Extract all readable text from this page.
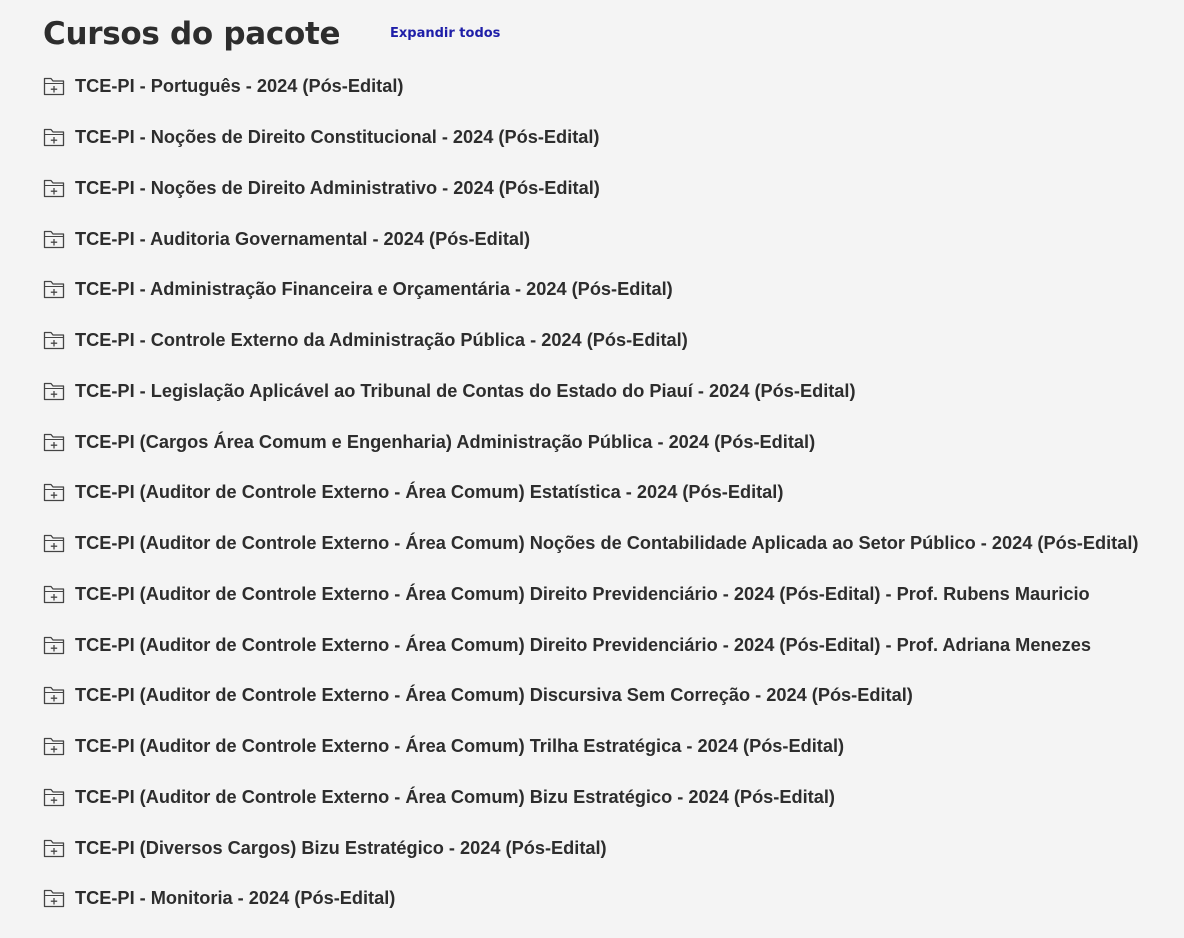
Cursos do pacote	Expandir todos
TCE-PI - Português - 2024 (Pós-Edital)
TCE-PI - Noções de Direito Constitucional - 2024 (Pós-Edital)
TCE-PI - Noções de Direito Administrativo - 2024 (Pós-Edital)
TCE-PI - Auditoria Governamental - 2024 (Pós-Edital)
TCE-PI - Administração Financeira e Orçamentária - 2024 (Pós-Edital)
TCE-PI - Controle Externo da Administração Pública - 2024 (Pós-Edital)
TCE-PI - Legislação Aplicável ao Tribunal de Contas do Estado do Piauí - 2024 (Pós-Edital)
TCE-PI (Cargos Área Comum e Engenharia) Administração Pública - 2024 (Pós-Edital)
TCE-PI (Auditor de Controle Externo - Área Comum) Estatística - 2024 (Pós-Edital)
TCE-PI (Auditor de Controle Externo - Área Comum) Noções de Contabilidade Aplicada ao Setor Público - 2024 (Pós-Edital)
TCE-PI (Auditor de Controle Externo - Área Comum) Direito Previdenciário - 2024 (Pós-Edital) - Prof. Rubens Mauricio
TCE-PI (Auditor de Controle Externo - Área Comum) Direito Previdenciário - 2024 (Pós-Edital) - Prof. Adriana Menezes
TCE-PI (Auditor de Controle Externo - Área Comum) Discursiva Sem Correção - 2024 (Pós-Edital)
TCE-PI (Auditor de Controle Externo - Área Comum) Trilha Estratégica - 2024 (Pós-Edital)
TCE-PI (Auditor de Controle Externo - Área Comum) Bizu Estratégico - 2024 (Pós-Edital)
TCE-PI (Diversos Cargos) Bizu Estratégico - 2024 (Pós-Edital)
TCE-PI - Monitoria - 2024 (Pós-Edital)
